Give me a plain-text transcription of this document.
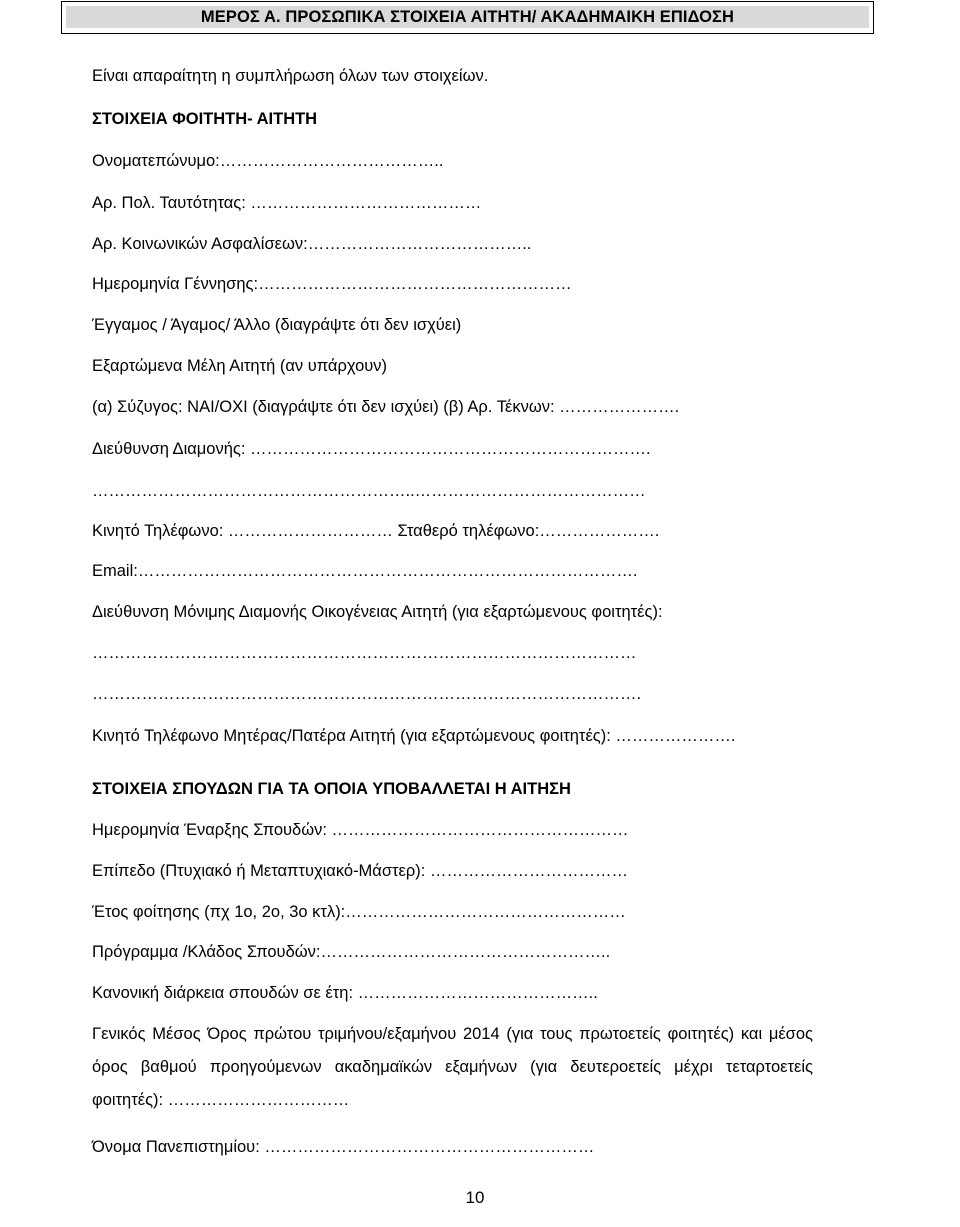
ΜΕΡΟΣ Α. ΠΡΟΣΩΠΙΚΑ ΣΤΟΙΧΕΙΑ ΑΙΤΗΤΗ/ ΑΚΑΔΗΜΑΙΚΗ ΕΠΙΔΟΣΗ
Είναι απαραίτητη η συμπλήρωση όλων των στοιχείων.
ΣΤΟΙΧΕΙΑ ΦΟΙΤΗΤΗ- ΑΙΤΗΤΗ
Ονοματεπώνυμο:…………………………………..
Αρ. Πολ. Ταυτότητας: ……………………………………
Αρ. Κοινωνικών Ασφαλίσεων:…………………………………..
Ημερομηνία Γέννησης:…………………………………………………
Έγγαμος / Άγαμος/ Άλλο (διαγράψτε ότι δεν ισχύει)
Εξαρτώμενα Μέλη Αιτητή (αν υπάρχουν)
(α) Σύζυγος: ΝΑΙ/ΟΧΙ (διαγράψτε ότι δεν ισχύει) (β) Αρ. Τέκνων: ………………….
Διεύθυνση Διαμονής: ……………………………………………………………….
…………………………………………………..……………………………………
Κινητό Τηλέφωνο: ………………………… Σταθερό τηλέφωνο:………………….
Email:……………………………………………………………………………….
Διεύθυνση Μόνιμης Διαμονής Οικογένειας Αιτητή (για εξαρτώμενους φοιτητές):
………………………………………………………………………………………
……………………………………………………………………………………….
Κινητό Τηλέφωνο Μητέρας/Πατέρα Αιτητή (για εξαρτώμενους φοιτητές): ………………….
ΣΤΟΙΧΕΙΑ ΣΠΟΥΔΩΝ ΓΙΑ ΤΑ ΟΠΟΙΑ ΥΠΟΒΑΛΛΕΤΑΙ Η ΑΙΤΗΣΗ
Ημερομηνία Έναρξης Σπουδών: ………………………………………………
Επίπεδο (Πτυχιακό ή Μεταπτυχιακό-Μάστερ): ………………………………
Έτος φοίτησης (πχ 1ο, 2ο, 3ο κτλ):……………………………………………
Πρόγραμμα /Κλάδος Σπουδών:……………………………………………..
Κανονική διάρκεια σπουδών σε έτη: ……………………………………..
Γενικός Μέσος Όρος πρώτου τριμήνου/εξαμήνου 2014 (για τους πρωτοετείς φοιτητές) και μέσος όρος βαθμού προηγούμενων ακαδημαϊκών εξαμήνων (για δευτεροετείς μέχρι τεταρτοετείς φοιτητές): ……………………………
Όνομα Πανεπιστημίου: ……………………………………………………
10
